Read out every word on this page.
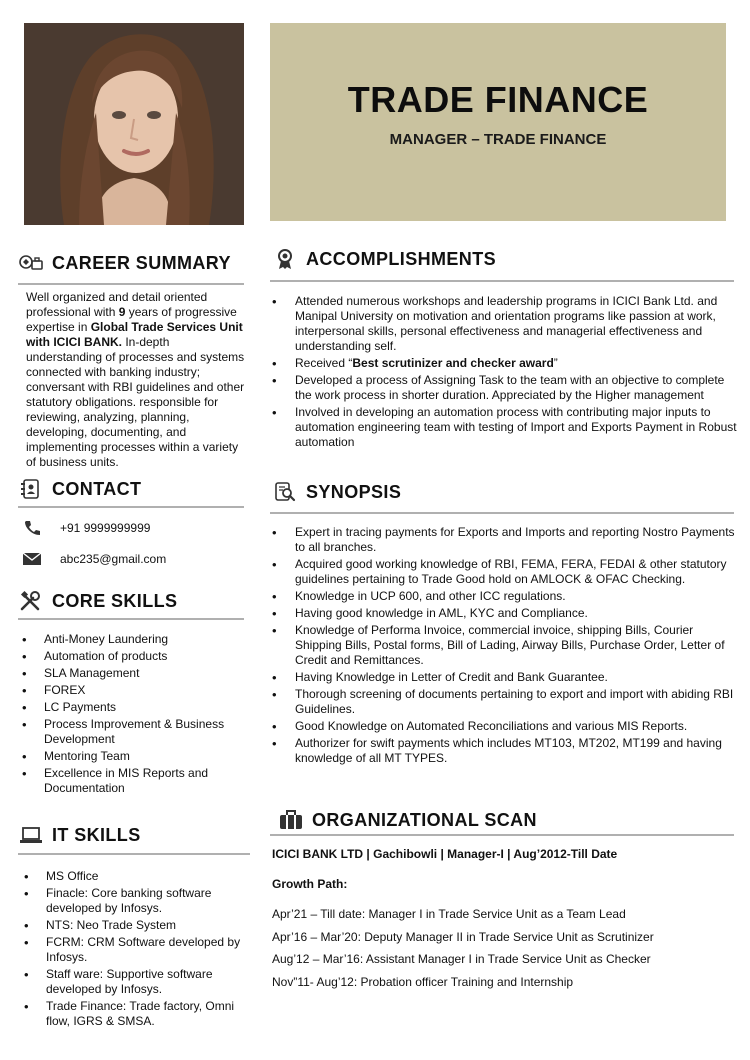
TRADE FINANCE
MANAGER – TRADE FINANCE
CAREER SUMMARY
Well organized and detail oriented professional with 9 years of progressive expertise in Global Trade Services Unit with ICICI BANK. In-depth understanding of processes and systems connected with banking industry; conversant with RBI guidelines and other statutory obligations. responsible for reviewing, analyzing, planning, developing, documenting, and implementing processes within a variety of business units.
CONTACT
+91 9999999999
abc235@gmail.com
CORE SKILLS
• Anti-Money Laundering
• Automation of products
• SLA Management
• FOREX
• LC Payments
• Process Improvement & Business Development
• Mentoring Team
• Excellence in MIS Reports and Documentation
IT SKILLS
• MS Office
• Finacle: Core banking software developed by Infosys.
• NTS: Neo Trade System
• FCRM: CRM Software developed by Infosys.
• Staff ware: Supportive software developed by Infosys.
• Trade Finance: Trade factory, Omni flow, IGRS & SMSA.
ACCOMPLISHMENTS
• Attended numerous workshops and leadership programs in ICICI Bank Ltd. and Manipal University on motivation and orientation programs like passion at work, interpersonal skills, personal effectiveness and managerial effectiveness and understanding self.
• Received “Best scrutinizer and checker award”
• Developed a process of Assigning Task to the team with an objective to complete the work process in shorter duration. Appreciated by the Higher management
• Involved in developing an automation process with contributing major inputs to automation engineering team with testing of Import and Exports Payment in Robust automation
SYNOPSIS
• Expert in tracing payments for Exports and Imports and reporting Nostro Payments to all branches.
• Acquired good working knowledge of RBI, FEMA, FERA, FEDAI & other statutory guidelines pertaining to Trade Good hold on AMLOCK & OFAC Checking.
• Knowledge in UCP 600, and other ICC regulations.
• Having good knowledge in AML, KYC and Compliance.
• Knowledge of Performa Invoice, commercial invoice, shipping Bills, Courier Shipping Bills, Postal forms, Bill of Lading, Airway Bills, Purchase Order, Letter of Credit and Remittances.
• Having Knowledge in Letter of Credit and Bank Guarantee.
• Thorough screening of documents pertaining to export and import with abiding RBI Guidelines.
• Good Knowledge on Automated Reconciliations and various MIS Reports.
• Authorizer for swift payments which includes MT103, MT202, MT199 and having knowledge of all MT TYPES.
ORGANIZATIONAL SCAN
ICICI BANK LTD | Gachibowli | Manager-I | Aug’2012-Till Date
Growth Path:
Apr’21 – Till date: Manager I in Trade Service Unit as a Team Lead
Apr’16 – Mar’20: Deputy Manager II in Trade Service Unit as Scrutinizer
Aug’12 – Mar’16: Assistant Manager I in Trade Service Unit as Checker
Nov”11- Aug’12: Probation officer Training and Internship
